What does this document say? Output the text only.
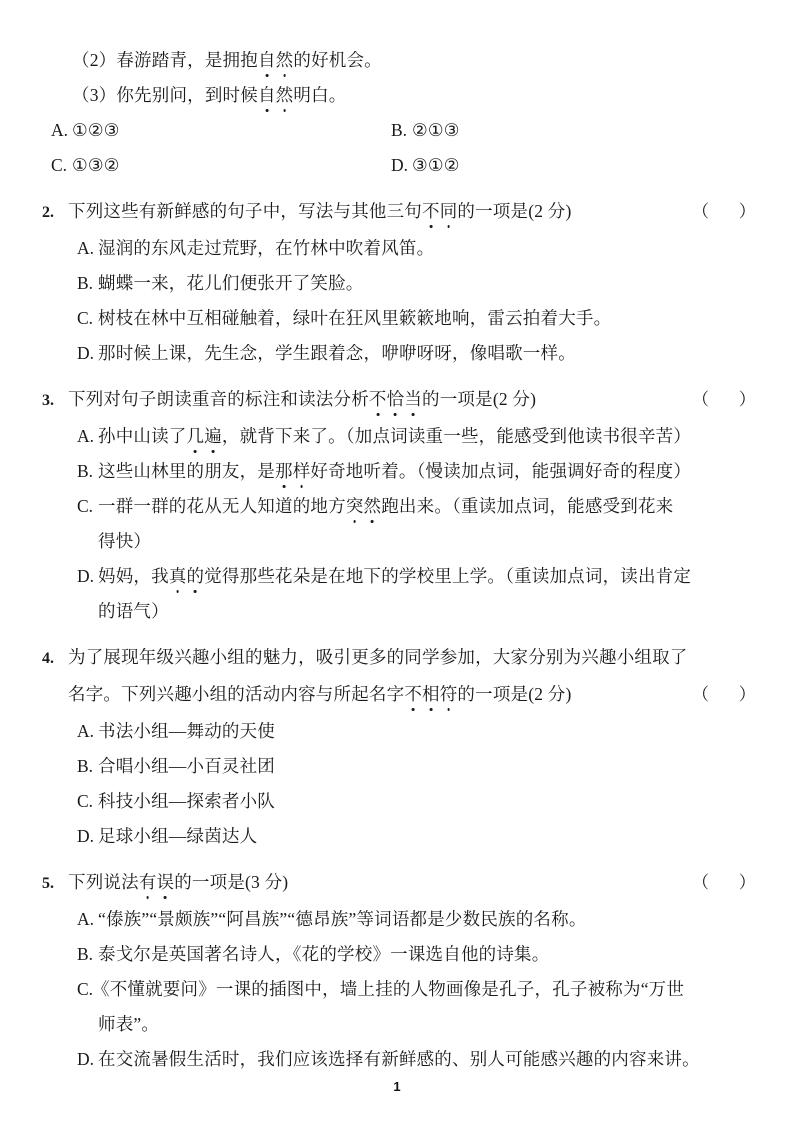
（2）春游踏青，是拥抱自然的好机会。
（3）你先别问，到时候自然明白。
A. ①②③	B. ②①③
C. ①③②	D. ③①②
2. 下列这些有新鲜感的句子中，写法与其他三句不同的一项是(2 分)	（       ）
A. 湿润的东风走过荒野，在竹林中吹着风笛。
B. 蝴蝶一来，花儿们便张开了笑脸。
C. 树枝在林中互相碰触着，绿叶在狂风里簌簌地响，雷云拍着大手。
D. 那时候上课，先生念，学生跟着念，咿咿呀呀，像唱歌一样。
3. 下列对句子朗读重音的标注和读法分析不恰当的一项是(2 分)	（       ）
A. 孙中山读了几遍，就背下来了。（加点词读重一些，能感受到他读书很辛苦）
B. 这些山林里的朋友，是那样好奇地听着。（慢读加点词，能强调好奇的程度）
C. 一群一群的花从无人知道的地方突然跑出来。（重读加点词，能感受到花来
得快）
D. 妈妈，我真的觉得那些花朵是在地下的学校里上学。（重读加点词，读出肯定
的语气）
4. 为了展现年级兴趣小组的魅力，吸引更多的同学参加，大家分别为兴趣小组取了
名字。下列兴趣小组的活动内容与所起名字不相符的一项是(2 分)	（       ）
A. 书法小组—舞动的天使
B. 合唱小组—小百灵社团
C. 科技小组—探索者小队
D. 足球小组—绿茵达人
5. 下列说法有误的一项是(3 分)	（       ）
A. “傣族”“景颇族”“阿昌族”“德昂族”等词语都是少数民族的名称。
B. 泰戈尔是英国著名诗人，《花的学校》一课选自他的诗集。
C.
《不懂就要问》一课的插图中，墙上挂的人物画像是孔子，孔子被称为“万世
师表”。
D. 在交流暑假生活时，我们应该选择有新鲜感的、别人可能感兴趣的内容来讲。
1
